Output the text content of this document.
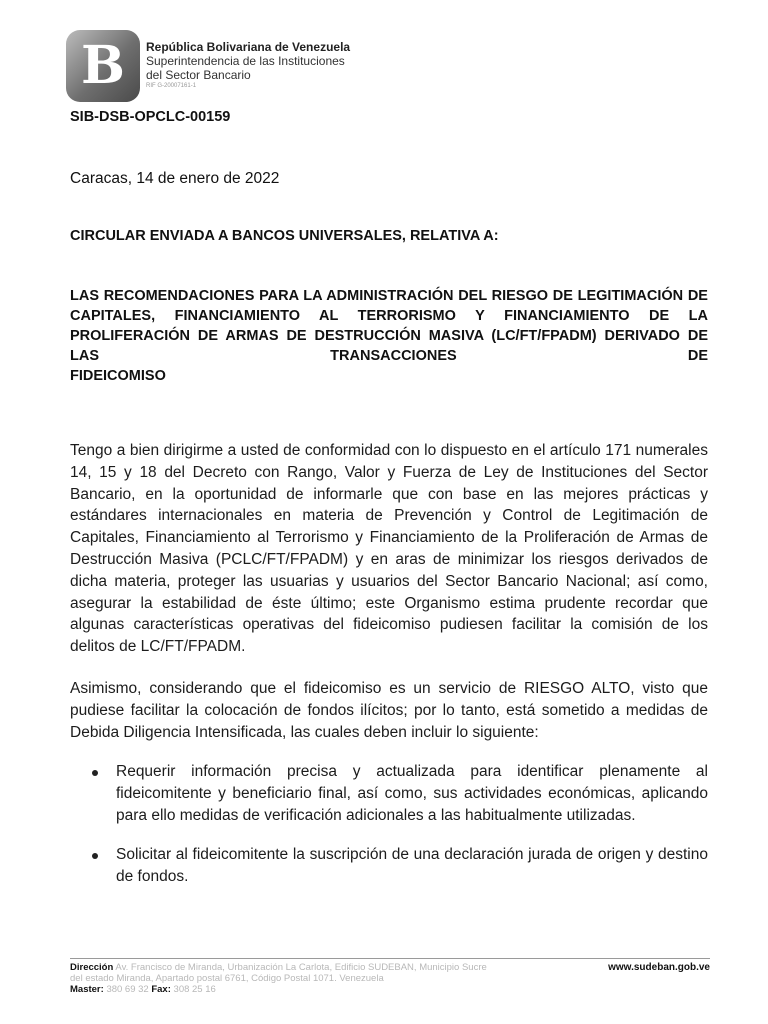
B	República Bolivariana de Venezuela
Superintendencia de las Instituciones
del Sector Bancario
RIF G-20007161-1
SIB-DSB-OPCLC-00159
Caracas, 14 de enero de 2022
CIRCULAR ENVIADA A BANCOS UNIVERSALES, RELATIVA A:
LAS RECOMENDACIONES PARA LA ADMINISTRACIÓN DEL RIESGO DE LEGITIMACIÓN DE CAPITALES, FINANCIAMIENTO AL TERRORISMO Y FINANCIAMIENTO DE LA PROLIFERACIÓN DE ARMAS DE DESTRUCCIÓN MASIVA (LC/FT/FPADM) DERIVADO DE LAS TRANSACCIONES DE
FIDEICOMISO
Tengo a bien dirigirme a usted de conformidad con lo dispuesto en el artículo 171 numerales 14, 15 y 18 del Decreto con Rango, Valor y Fuerza de Ley de Instituciones del Sector Bancario, en la oportunidad de informarle que con base en las mejores prácticas y estándares internacionales en materia de Prevención y Control de Legitimación de Capitales, Financiamiento al Terrorismo y Financiamiento de la Proliferación de Armas de Destrucción Masiva (PCLC/FT/FPADM) y en aras de minimizar los riesgos derivados de dicha materia, proteger las usuarias y usuarios del Sector Bancario Nacional; así como, asegurar la estabilidad de éste último; este Organismo estima prudente recordar que algunas características operativas del fideicomiso pudiesen facilitar la comisión de los delitos de LC/FT/FPADM.
Asimismo, considerando que el fideicomiso es un servicio de RIESGO ALTO, visto que pudiese facilitar la colocación de fondos ilícitos; por lo tanto, está sometido a medidas de Debida Diligencia Intensificada, las cuales deben incluir lo siguiente:
Requerir información precisa y actualizada para identificar plenamente al fideicomitente y beneficiario final, así como, sus actividades económicas, aplicando para ello medidas de verificación adicionales a las habitualmente utilizadas.
Solicitar al fideicomitente la suscripción de una declaración jurada de origen y destino de fondos.
Dirección Av. Francisco de Miranda, Urbanización La Carlota, Edificio SUDEBAN, Municipio Sucre del estado Miranda, Apartado postal 6761, Código Postal 1071. Venezuela
Master: 380 69 32 Fax: 308 25 16
www.sudeban.gob.ve
